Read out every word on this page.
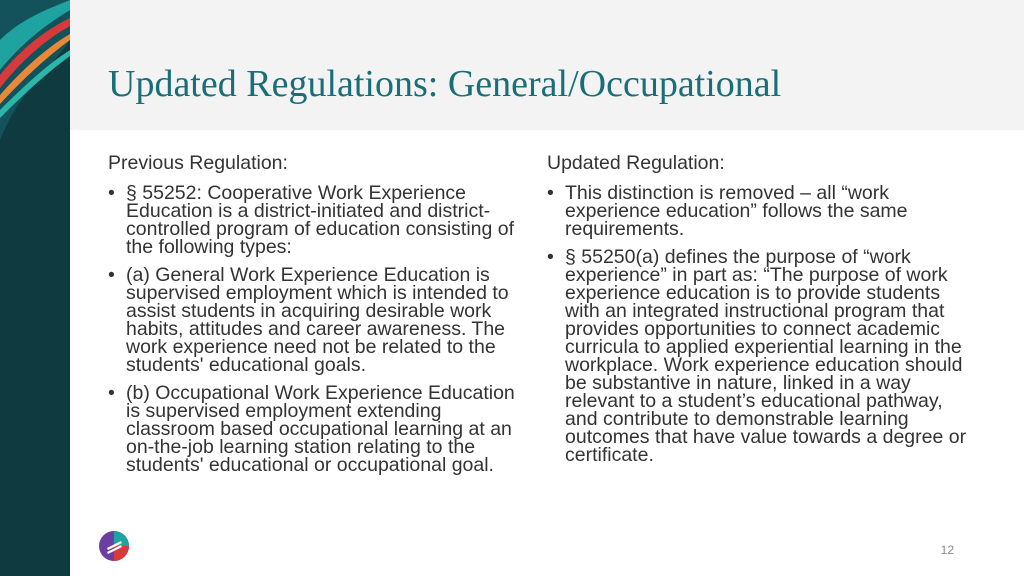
Updated Regulations: General/Occupational

Previous Regulation:

• § 55252: Cooperative Work Experience Education is a district-initiated and district-controlled program of education consisting of the following types:
• (a) General Work Experience Education is supervised employment which is intended to assist students in acquiring desirable work habits, attitudes and career awareness. The work experience need not be related to the students' educational goals.
• (b) Occupational Work Experience Education is supervised employment extending classroom based occupational learning at an on-the-job learning station relating to the students' educational or occupational goal.

Updated Regulation:

• This distinction is removed – all “work experience education” follows the same requirements.
• § 55250(a) defines the purpose of “work experience” in part as: “The purpose of work experience education is to provide students with an integrated instructional program that provides opportunities to connect academic curricula to applied experiential learning in the workplace. Work experience education should be substantive in nature, linked in a way relevant to a student’s educational pathway, and contribute to demonstrable learning outcomes that have value towards a degree or certificate.
12
